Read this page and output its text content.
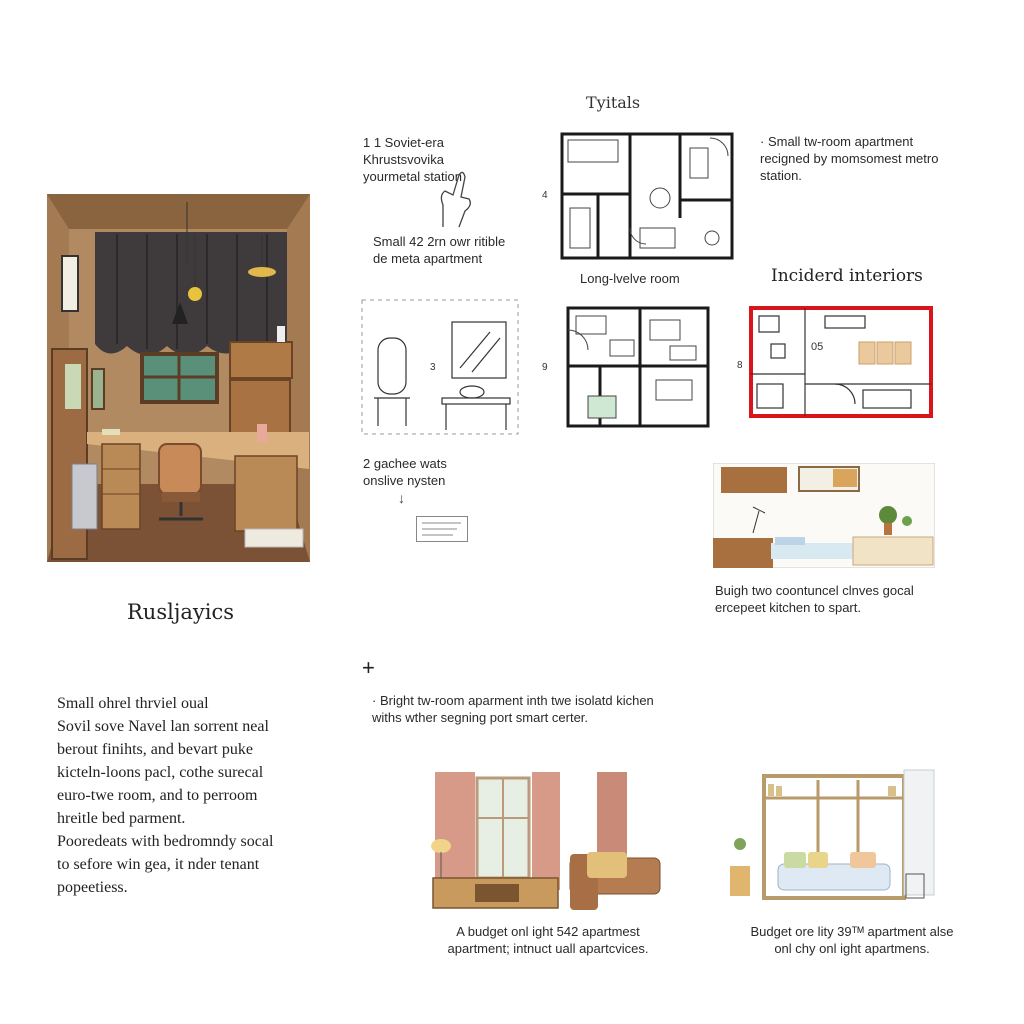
Tyitals
Inciderd interiors
Rusljayics
Small ohrel thrviel oual
Sovil sove Navel lan sorrent neal
berout finihts, and bevart puke
kicteln-loons pacl, cothe surecal
euro-twe room, and to perroom
hreitle bed parment.
Pooredeats with bedromndy socal
to sefore win gea, it nder tenant
popeetiess.
1 1 Soviet-era Khrustsvovika yourmetal station
Small 42 2rn owr ritible de meta apartment
4
Long-lvelve room
· Small tw-room apartment recigned by momsomest metro station.
3
2 gachee wats onslive nysten
↓
9
05
8
Buigh two coontuncel clnves gocal ercepeet kitchen to spart.
+
· Bright tw-room aparment inth twe isolatd kichen withs wther segning port smart certer.
A budget onl ight 542 apartmest apartment; intnuct uall apartcvices.
Budget ore lity 39ᵀᴹ apartment alse onl chy onl ight apartmens.
